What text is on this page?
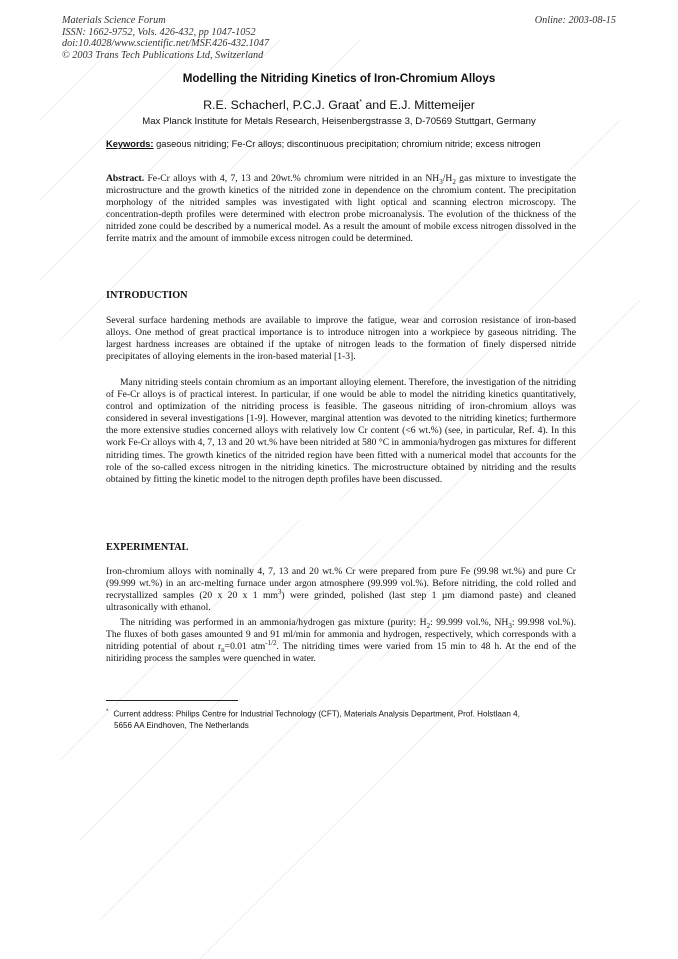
Materials Science Forum
ISSN: 1662-9752, Vols. 426-432, pp 1047-1052
doi:10.4028/www.scientific.net/MSF.426-432.1047
© 2003 Trans Tech Publications Ltd, Switzerland
Online: 2003-08-15
Modelling the Nitriding Kinetics of Iron-Chromium Alloys
R.E. Schacherl, P.C.J. Graat* and E.J. Mittemeijer
Max Planck Institute for Metals Research, Heisenbergstrasse 3, D-70569 Stuttgart, Germany
Keywords: gaseous nitriding; Fe-Cr alloys; discontinuous precipitation; chromium nitride; excess nitrogen
Abstract. Fe-Cr alloys with 4, 7, 13 and 20wt.% chromium were nitrided in an $NH_3/H_2$ gas mixture to investigate the microstructure and the growth kinetics of the nitrided zone in dependence on the chromium content. The precipitation morphology of the nitrided samples was investigated with light optical and scanning electron microscopy. The concentration-depth profiles were determined with electron probe microanalysis. The evolution of the thickness of the nitrided zone could be described by a numerical model. As a result the amount of mobile excess nitrogen dissolved in the ferrite matrix and the amount of immobile excess nitrogen could be determined.
INTRODUCTION
Several surface hardening methods are available to improve the fatigue, wear and corrosion resistance of iron-based alloys. One method of great practical importance is to introduce nitrogen into a workpiece by gaseous nitriding. The largest hardness increases are obtained if the uptake of nitrogen leads to the formation of finely dispersed nitride precipitates of alloying elements in the iron-based material [1-3].
Many nitriding steels contain chromium as an important alloying element. Therefore, the investigation of the nitriding of Fe-Cr alloys is of practical interest. In particular, if one would be able to model the nitriding kinetics quantitatively, control and optimization of the nitriding process is feasible. The gaseous nitriding of iron-chromium alloys was considered in several investigations [1-9]. However, marginal attention was devoted to the nitriding kinetics; furthermore the more extensive studies concerned alloys with relatively low Cr content (<6 wt.%) (see, in particular, Ref. 4). In this work Fe-Cr alloys with 4, 7, 13 and 20 wt.% have been nitrided at 580 °C in ammonia/hydrogen gas mixtures for different nitriding times. The growth kinetics of the nitrided region have been fitted with a numerical model that accounts for the role of the so-called excess nitrogen in the nitriding kinetics. The microstructure obtained by nitriding and the results obtained by fitting the kinetic model to the nitrogen depth profiles have been discussed.
EXPERIMENTAL
Iron-chromium alloys with nominally 4, 7, 13 and 20 wt.% Cr were prepared from pure Fe (99.98 wt.%) and pure Cr (99.999 wt.%) in an arc-melting furnace under argon atmosphere (99.999 vol.%). Before nitriding, the cold rolled and recrystallized samples (20 x 20 x 1 $mm^3$) were grinded, polished (last step 1 µm diamond paste) and cleaned ultrasonically with ethanol.
The nitriding was performed in an ammonia/hydrogen gas mixture (purity: $H_2$: 99.999 vol.%, $NH_3$: 99.998 vol.%). The fluxes of both gases amounted 9 and 91 ml/min for ammonia and hydrogen, respectively, which corresponds with a nitriding potential of about $r_n=0.01$ atm$^{-1/2}$. The nitriding times were varied from 15 min to 48 h. At the end of the nitiriding process the samples were quenched in water.
* Current address: Philips Centre for Industrial Technology (CFT), Materials Analysis Department, Prof. Holstlaan 4,
5656 AA Eindhoven, The Netherlands
